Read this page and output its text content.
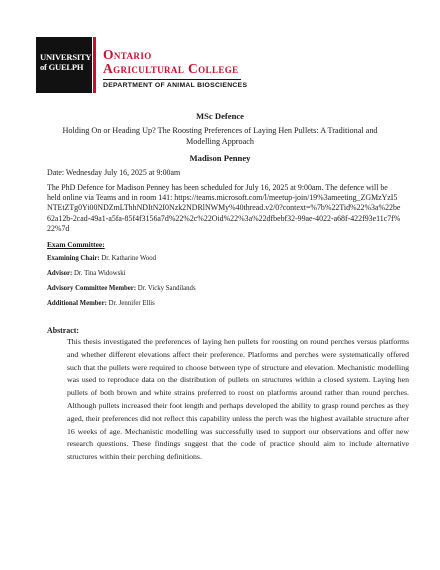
UNIVERSITY
of GUELPH
Ontario
Agricultural College
DEPARTMENT OF ANIMAL BIOSCIENCES
MSc Defence
Holding On or Heading Up? The Roosting Preferences of Laying Hen Pullets: A Traditional and Modelling Approach
Madison Penney
Date: Wednesday July 16, 2025 at 9:00am
The PhD Defence for Madison Penney has been scheduled for July 16, 2025 at 9:00am. The defence will be held online via Teams and in room 141: https://teams.microsoft.com/l/meetup-join/19%3ameeting_ZGMzYzI5NTEtZTg0Yi00NDZmLThhNDItN2I0Nzk2NDRlNWMy%40thread.v2/0?context=%7b%22Tid%22%3a%22be62a12b-2cad-49a1-a5fa-85f4f3156a7d%22%2c%22Oid%22%3a%22dfbebf32-99ae-4022-a68f-422f93e11c7f%22%7d
Exam Committee:
Examining Chair: Dr. Katharine Wood
Advisor: Dr. Tina Widowski
Advisory Committee Member: Dr. Vicky Sandilands
Additional Member: Dr. Jennifer Ellis
Abstract:
This thesis investigated the preferences of laying hen pullets for roosting on round perches versus platforms and whether different elevations affect their preference. Platforms and perches were systematically offered such that the pullets were required to choose between type of structure and elevation. Mechanistic modelling was used to reproduce data on the distribution of pullets on structures within a closed system. Laying hen pullets of both brown and white strains preferred to roost on platforms around rather than round perches. Although pullets increased their foot length and perhaps developed the ability to grasp round perches as they aged, their preferences did not reflect this capability unless the perch was the highest available structure after 16 weeks of age. Mechanistic modelling was successfully used to support our observations and offer new research questions. These findings suggest that the code of practice should aim to include alternative structures within their perching definitions.
